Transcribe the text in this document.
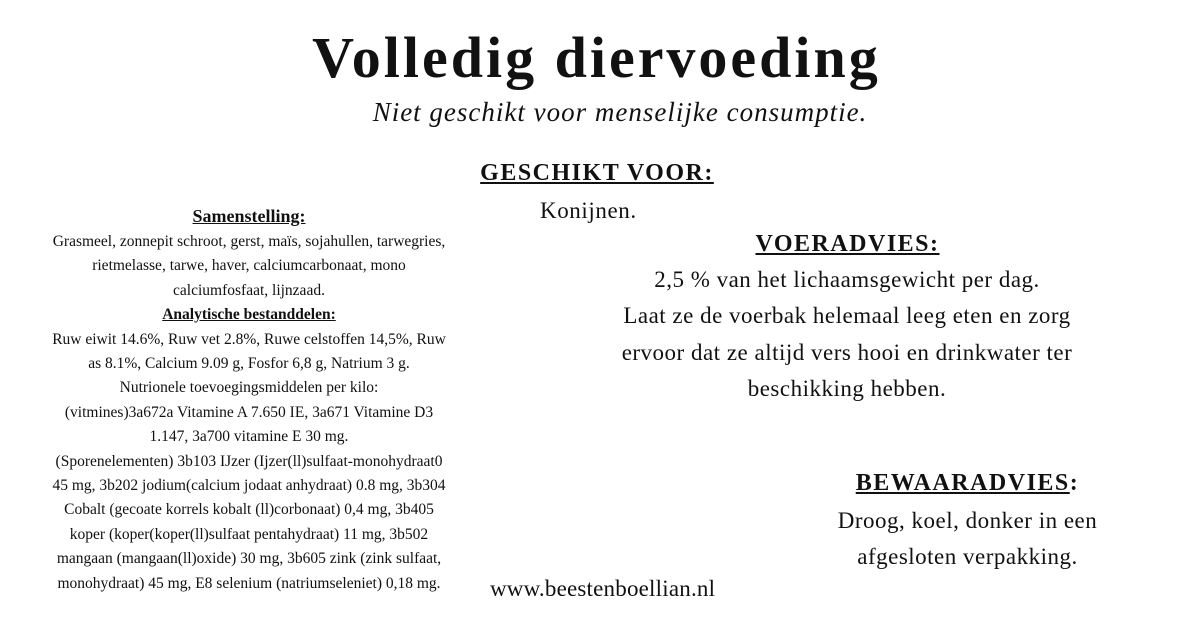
Volledig diervoeding
Niet geschikt voor menselijke consumptie.
GESCHIKT VOOR:
Konijnen.
Samenstelling:
Grasmeel, zonnepit schroot, gerst, maïs, sojahullen, tarwegries,
rietmelasse, tarwe, haver, calciumcarbonaat, mono
calciumfosfaat, lijnzaad.
Analytische bestanddelen:
Ruw eiwit 14.6%, Ruw vet 2.8%, Ruwe celstoffen 14,5%, Ruw
as 8.1%, Calcium 9.09 g, Fosfor 6,8 g, Natrium 3 g.
Nutrionele toevoegingsmiddelen per kilo:
(vitmines)3a672a Vitamine A 7.650 IE, 3a671 Vitamine D3
1.147, 3a700 vitamine E 30 mg.
(Sporenelementen) 3b103 IJzer (Ijzer(ll)sulfaat-monohydraat0
45 mg, 3b202 jodium(calcium jodaat anhydraat) 0.8 mg, 3b304
Cobalt (gecoate korrels kobalt (ll)corbonaat) 0,4 mg, 3b405
koper (koper(koper(ll)sulfaat pentahydraat) 11 mg, 3b502
mangaan (mangaan(ll)oxide) 30 mg, 3b605 zink (zink sulfaat,
monohydraat) 45 mg, E8 selenium (natriumseleniet) 0,18 mg.
VOERADVIES:
2,5 % van het lichaamsgewicht per dag.
Laat ze de voerbak helemaal leeg eten en zorg
ervoor dat ze altijd vers hooi en drinkwater ter
beschikking hebben.
BEWAARADVIES:
Droog, koel, donker in een
afgesloten verpakking.
www.beestenboellian.nl
